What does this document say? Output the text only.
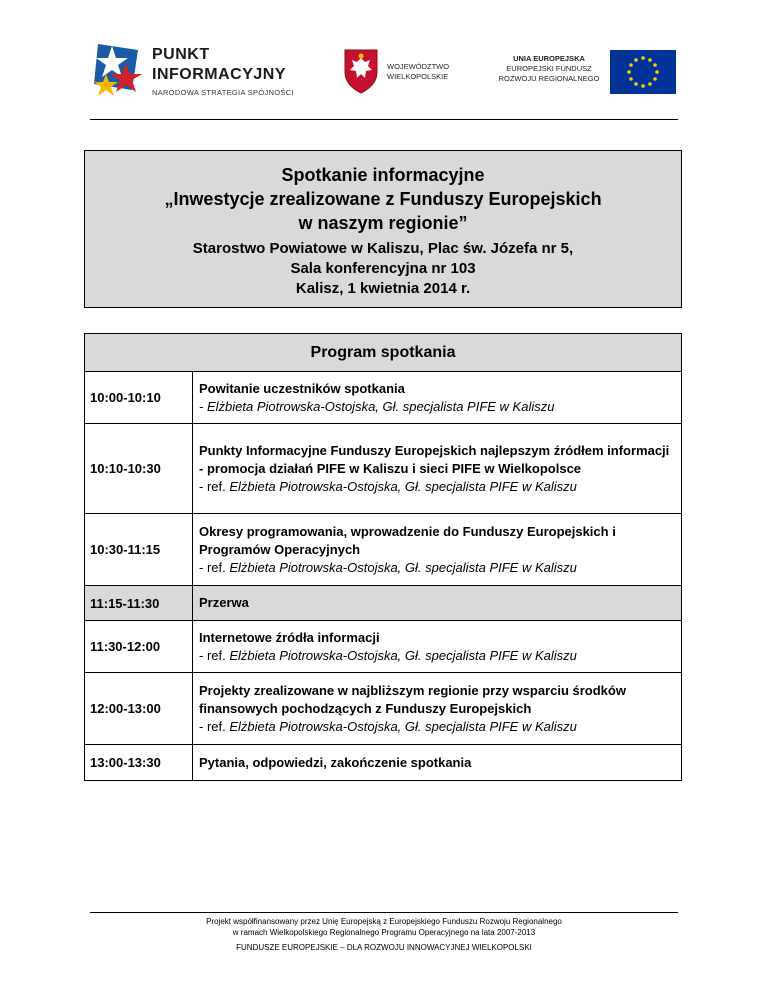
PUNKT
INFORMACYJNY
NARODOWA STRATEGIA SPÓJNOŚCI
WOJEWÓDZTWO
WIELKOPOLSKIE
UNIA EUROPEJSKA
EUROPEJSKI FUNDUSZ
ROZWOJU REGIONALNEGO
Spotkanie informacyjne
„Inwestycje zrealizowane z Funduszy Europejskich
w naszym regionie”
Starostwo Powiatowe w Kaliszu, Plac św. Józefa nr 5,
Sala konferencyjna nr 103
Kalisz, 1 kwietnia 2014 r.
Program spotkania	
10:00-10:10	Powitanie uczestników spotkania
- Elżbieta Piotrowska-Ostojska, Gł. specjalista PIFE w Kaliszu

10:10-10:30	Punkty Informacyjne Funduszy Europejskich najlepszym źródłem informacji - promocja działań PIFE w Kaliszu i sieci PIFE w Wielkopolsce
- ref. Elżbieta Piotrowska-Ostojska, Gł. specjalista PIFE w Kaliszu

10:30-11:15	Okresy programowania, wprowadzenie do Funduszy Europejskich i Programów Operacyjnych
- ref. Elżbieta Piotrowska-Ostojska, Gł. specjalista PIFE w Kaliszu

11:15-11:30	Przerwa

11:30-12:00	Internetowe źródła informacji
- ref. Elżbieta Piotrowska-Ostojska, Gł. specjalista PIFE w Kaliszu

12:00-13:00	Projekty zrealizowane w najbliższym regionie przy wsparciu środków finansowych pochodzących z Funduszy Europejskich
- ref. Elżbieta Piotrowska-Ostojska, Gł. specjalista PIFE w Kaliszu

13:00-13:30	Pytania, odpowiedzi, zakończenie spotkania
Projekt współfinansowany przez Unię Europejską z Europejskiego Funduszu Rozwoju Regionalnego
w ramach Wielkopolskiego Regionalnego Programu Operacyjnego na lata 2007-2013
FUNDUSZE EUROPEJSKIE – DLA ROZWOJU INNOWACYJNEJ WIELKOPOLSKI
